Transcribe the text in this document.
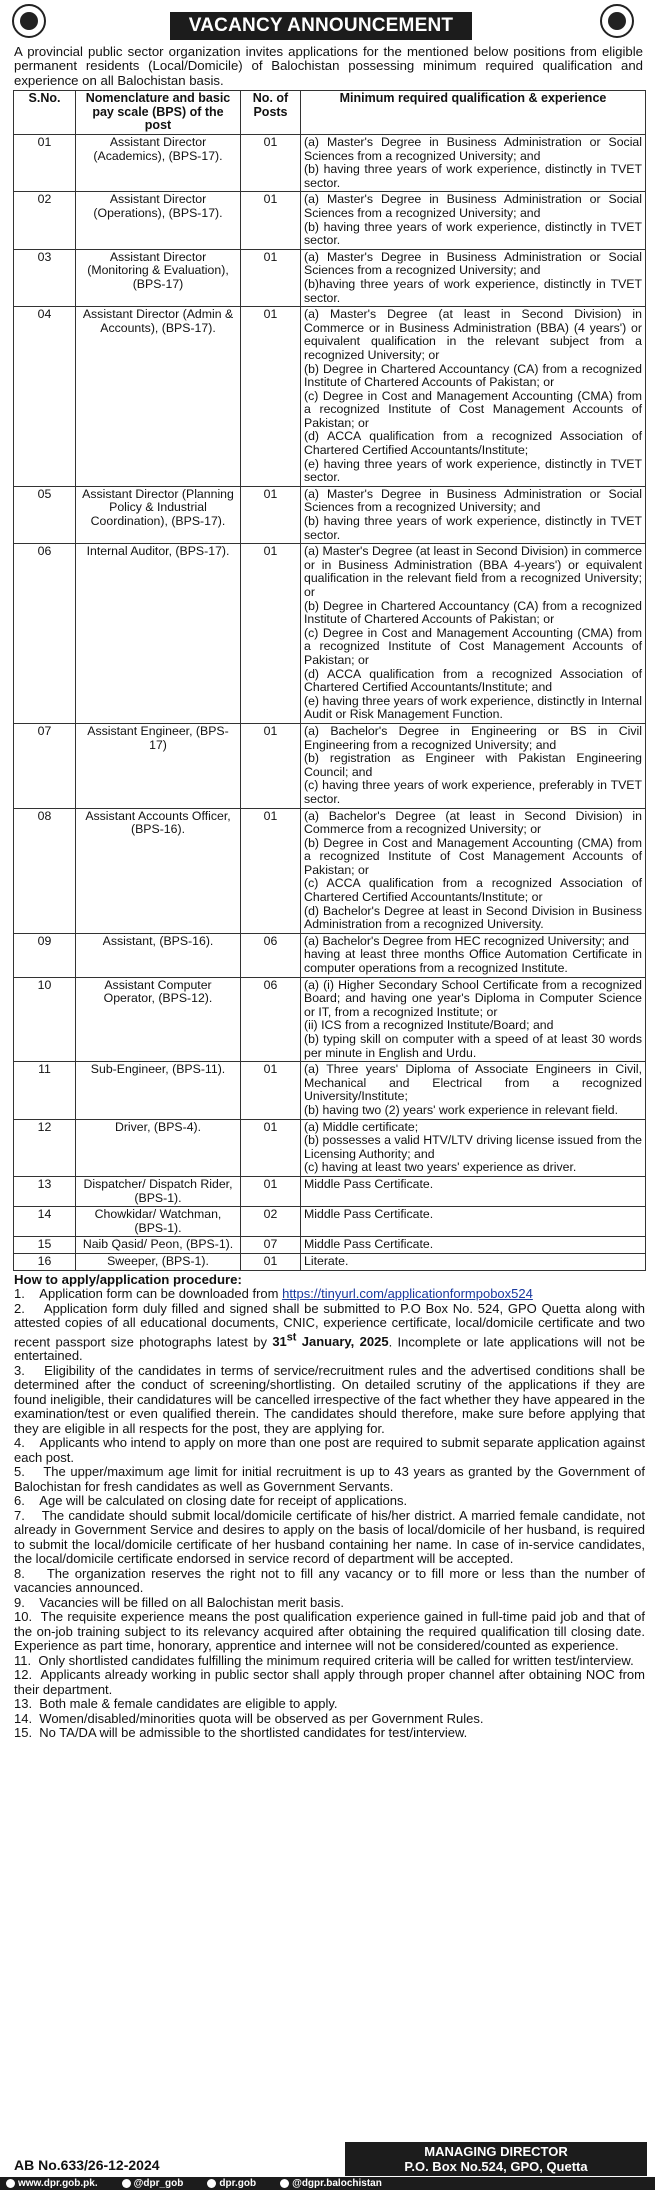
VACANCY ANNOUNCEMENT
A provincial public sector organization invites applications for the mentioned below positions from eligible permanent residents (Local/Domicile) of Balochistan possessing minimum required qualification and experience on all Balochistan basis.
S.No.	Nomenclature and basic pay scale (BPS) of the post	No. of Posts	Minimum required qualification & experience
01	Assistant Director (Academics), (BPS-17).	01	(a) Master's Degree in Business Administration or Social Sciences from a recognized University; and
(b) having three years of work experience, distinctly in TVET sector.

02	Assistant Director (Operations), (BPS-17).	01	(a) Master's Degree in Business Administration or Social Sciences from a recognized University; and
(b) having three years of work experience, distinctly in TVET sector.

03	Assistant Director (Monitoring & Evaluation), (BPS-17)	01	(a) Master's Degree in Business Administration or Social Sciences from a recognized University; and
(b)having three years of work experience, distinctly in TVET sector.

04	Assistant Director (Admin & Accounts), (BPS-17).	01	(a) Master's Degree (at least in Second Division) in Commerce or in Business Administration (BBA) (4 years') or equivalent qualification in the relevant subject from a recognized University; or
(b) Degree in Chartered Accountancy (CA) from a recognized Institute of Chartered Accounts of Pakistan; or
(c) Degree in Cost and Management Accounting (CMA) from a recognized Institute of Cost Management Accounts of Pakistan; or
(d) ACCA qualification from a recognized Association of Chartered Certified Accountants/Institute;
(e) having three years of work experience, distinctly in TVET sector.

05	Assistant Director (Planning Policy & Industrial Coordination), (BPS-17).	01	(a) Master's Degree in Business Administration or Social Sciences from a recognized University; and
(b) having three years of work experience, distinctly in TVET sector.

06	Internal Auditor, (BPS-17).	01	(a) Master's Degree (at least in Second Division) in commerce or in Business Administration (BBA 4-years') or equivalent qualification in the relevant field from a recognized University; or
(b) Degree in Chartered Accountancy (CA) from a recognized Institute of Chartered Accounts of Pakistan; or
(c) Degree in Cost and Management Accounting (CMA) from a recognized Institute of Cost Management Accounts of Pakistan; or
(d) ACCA qualification from a recognized Association of Chartered Certified Accountants/Institute; and
(e) having three years of work experience, distinctly in Internal Audit or Risk Management Function.

07	Assistant Engineer, (BPS-17)	01	(a) Bachelor's Degree in Engineering or BS in Civil Engineering from a recognized University; and
(b) registration as Engineer with Pakistan Engineering Council; and
(c) having three years of work experience, preferably in TVET sector.

08	Assistant Accounts Officer, (BPS-16).	01	(a) Bachelor's Degree (at least in Second Division) in Commerce from a recognized University; or
(b) Degree in Cost and Management Accounting (CMA) from a recognized Institute of Cost Management Accounts of Pakistan; or
(c) ACCA qualification from a recognized Association of Chartered Certified Accountants/Institute; or
(d) Bachelor's Degree at least in Second Division in Business Administration from a recognized University.

09	Assistant, (BPS-16).	06	(a) Bachelor's Degree from HEC recognized University; and
having at least three months Office Automation Certificate in computer operations from a recognized Institute.

10	Assistant Computer Operator, (BPS-12).	06	(a) (i) Higher Secondary School Certificate from a recognized Board; and having one year's Diploma in Computer Science or IT, from a recognized Institute; or
(ii) ICS from a recognized Institute/Board; and
(b) typing skill on computer with a speed of at least 30 words per minute in English and Urdu.

11	Sub-Engineer, (BPS-11).	01	(a) Three years' Diploma of Associate Engineers in Civil, Mechanical and Electrical from a recognized University/Institute;
(b) having two (2) years' work experience in relevant field.

12	Driver, (BPS-4).	01	(a) Middle certificate;
(b) possesses a valid HTV/LTV driving license issued from the Licensing Authority; and
(c) having at least two years' experience as driver.

13	Dispatcher/ Dispatch Rider, (BPS-1).	01	Middle Pass Certificate.

14	Chowkidar/ Watchman, (BPS-1).	02	Middle Pass Certificate.

15	Naib Qasid/ Peon, (BPS-1).	07	Middle Pass Certificate.

16	Sweeper, (BPS-1).	01	Literate.
How to apply/application procedure:
1.    Application form can be downloaded from https://tinyurl.com/applicationformpobox524
2.    Application form duly filled and signed shall be submitted to P.O Box No. 524, GPO Quetta along with attested copies of all educational documents, CNIC, experience certificate, local/domicile certificate and two recent passport size photographs latest by 31st January, 2025. Incomplete or late applications will not be entertained.
3.    Eligibility of the candidates in terms of service/recruitment rules and the advertised conditions shall be determined after the conduct of screening/shortlisting. On detailed scrutiny of the applications if they are found ineligible, their candidatures will be cancelled irrespective of the fact whether they have appeared in the examination/test or even qualified therein. The candidates should therefore, make sure before applying that they are eligible in all respects for the post, they are applying for.
4.    Applicants who intend to apply on more than one post are required to submit separate application against each post.
5.    The upper/maximum age limit for initial recruitment is up to 43 years as granted by the Government of Balochistan for fresh candidates as well as Government Servants.
6.    Age will be calculated on closing date for receipt of applications.
7.    The candidate should submit local/domicile certificate of his/her district. A married female candidate, not already in Government Service and desires to apply on the basis of local/domicile of her husband, is required to submit the local/domicile certificate of her husband containing her name. In case of in-service candidates, the local/domicile certificate endorsed in service record of department will be accepted.
8.    The organization reserves the right not to fill any vacancy or to fill more or less than the number of vacancies announced.
9.    Vacancies will be filled on all Balochistan merit basis.
10.  The requisite experience means the post qualification experience gained in full-time paid job and that of the on-job training subject to its relevancy acquired after obtaining the required qualification till closing date. Experience as part time, honorary, apprentice and internee will not be considered/counted as experience.
11.  Only shortlisted candidates fulfilling the minimum required criteria will be called for written test/interview.
12.  Applicants already working in public sector shall apply through proper channel after obtaining NOC from their department.
13.  Both male & female candidates are eligible to apply.
14.  Women/disabled/minorities quota will be observed as per Government Rules.
15.  No TA/DA will be admissible to the shortlisted candidates for test/interview.
AB No.633/26-12-2024
MANAGING DIRECTOR
P.O. Box No.524, GPO, Quetta
www.dpr.gob.pk.	@dpr_gob	dpr.gob	@dgpr.balochistan
